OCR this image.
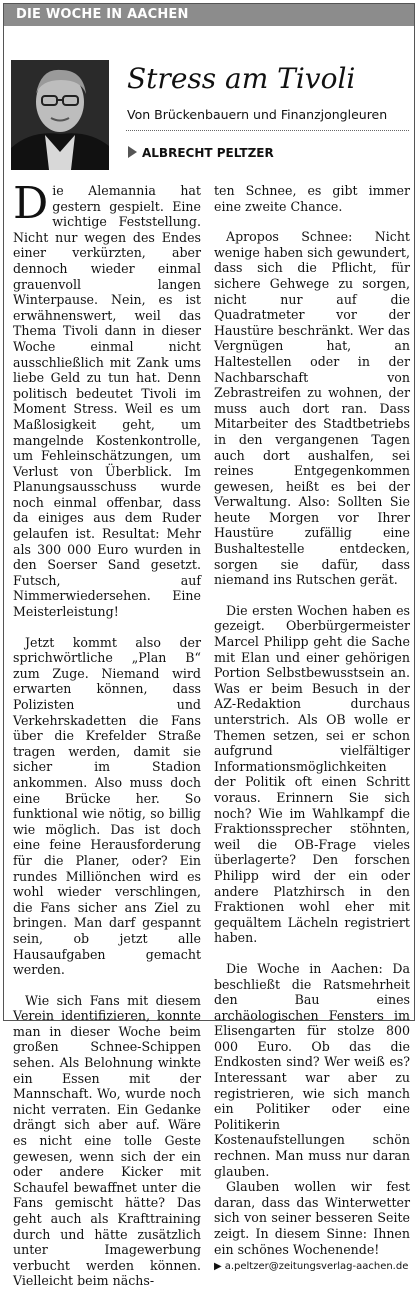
DIE WOCHE IN AACHEN
Stress am Tivoli
Von Brückenbauern und Finanzjongleuren
ALBRECHT PELTZER

Die Alemannia hat gestern gespielt. Eine wichtige Feststellung. Nicht nur wegen des Endes einer verkürzten, aber dennoch wieder einmal grauenvoll langen Winterpause. Nein, es ist erwähnenswert, weil das Thema Tivoli dann in dieser Woche einmal nicht ausschließlich mit Zank ums liebe Geld zu tun hat. Denn politisch bedeutet Tivoli im Moment Stress. Weil es um Maßlosigkeit geht, um mangelnde Kostenkontrolle, um Fehleinschätzungen, um Verlust von Überblick. Im Planungsausschuss wurde noch einmal offenbar, dass da einiges aus dem Ruder gelaufen ist. Resultat: Mehr als 300 000 Euro wurden in den Soerser Sand gesetzt. Futsch, auf Nimmerwiedersehen. Eine Meisterleistung!

Jetzt kommt also der sprichwörtliche „Plan B“ zum Zuge. Niemand wird erwarten können, dass Polizisten und Verkehrskadetten die Fans über die Krefelder Straße tragen werden, damit sie sicher im Stadion ankommen. Also muss doch eine Brücke her. So funktional wie nötig, so billig wie möglich. Das ist doch eine feine Herausforderung für die Planer, oder? Ein rundes Milliönchen wird es wohl wieder verschlingen, die Fans sicher ans Ziel zu bringen. Man darf gespannt sein, ob jetzt alle Hausaufgaben gemacht werden.

Wie sich Fans mit diesem Verein identifizieren, konnte man in dieser Woche beim großen Schnee-Schippen sehen. Als Belohnung winkte ein Essen mit der Mannschaft. Wo, wurde noch nicht verraten. Ein Gedanke drängt sich aber auf. Wäre es nicht eine tolle Geste gewesen, wenn sich der ein oder andere Kicker mit Schaufel bewaffnet unter die Fans gemischt hätte? Das geht auch als Krafttraining durch und hätte zusätzlich unter Imagewerbung verbucht werden können. Vielleicht beim nächs-

ten Schnee, es gibt immer eine zweite Chance.

Apropos Schnee: Nicht wenige haben sich gewundert, dass sich die Pflicht, für sichere Gehwege zu sorgen, nicht nur auf die Quadratmeter vor der Haustüre beschränkt. Wer das Vergnügen hat, an Haltestellen oder in der Nachbarschaft von Zebrastreifen zu wohnen, der muss auch dort ran. Dass Mitarbeiter des Stadtbetriebs in den vergangenen Tagen auch dort aushalfen, sei reines Entgegenkommen gewesen, heißt es bei der Verwaltung. Also: Sollten Sie heute Morgen vor Ihrer Haustüre zufällig eine Bushaltestelle entdecken, sorgen sie dafür, dass niemand ins Rutschen gerät.

Die ersten Wochen haben es gezeigt. Oberbürgermeister Marcel Philipp geht die Sache mit Elan und einer gehörigen Portion Selbstbewusstsein an. Was er beim Besuch in der AZ-Redaktion durchaus unterstrich. Als OB wolle er Themen setzen, sei er schon aufgrund vielfältiger Informationsmöglichkeiten der Politik oft einen Schritt voraus. Erinnern Sie sich noch? Wie im Wahlkampf die Fraktionssprecher stöhnten, weil die OB-Frage vieles überlagerte? Den forschen Philipp wird der ein oder andere Platzhirsch in den Fraktionen wohl eher mit gequältem Lächeln registriert haben.

Die Woche in Aachen: Da beschließt die Ratsmehrheit den Bau eines archäologischen Fensters im Elisengarten für stolze 800 000 Euro. Ob das die Endkosten sind? Wer weiß es? Interessant war aber zu registrieren, wie sich manch ein Politiker oder eine Politikerin Kostenaufstellungen schön rechnen. Man muss nur daran glauben.

Glauben wollen wir fest daran, dass das Winterwetter sich von seiner besseren Seite zeigt. In diesem Sinne: Ihnen ein schönes Wochenende!

▶ a.peltzer@zeitungsverlag-aachen.de
